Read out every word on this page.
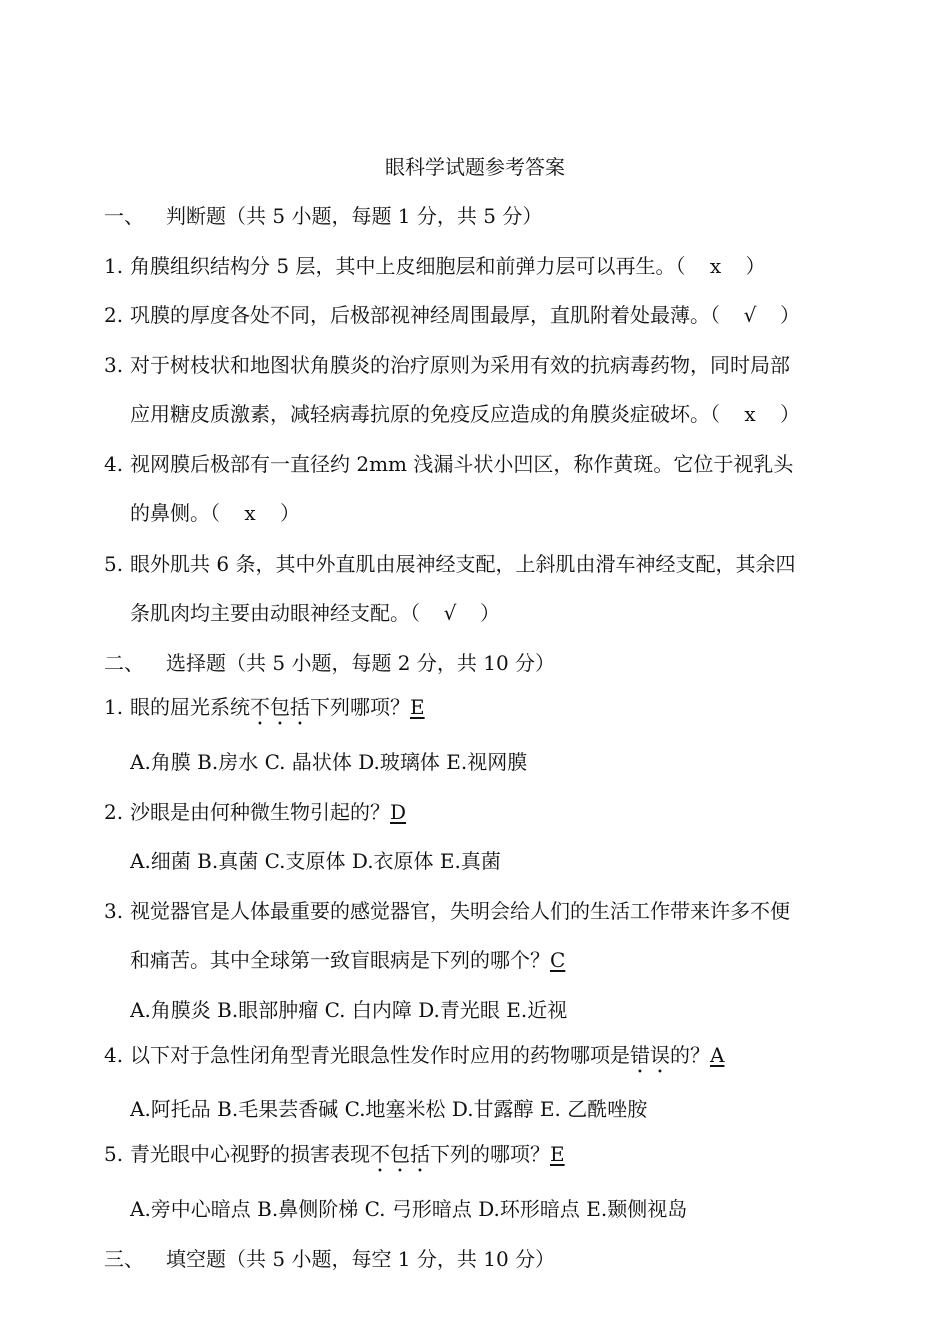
眼科学试题参考答案
一、 判断题（共 5 小题，每题 1 分，共 5 分）
1. 角膜组织结构分 5 层，其中上皮细胞层和前弹力层可以再生。（ x ）
2. 巩膜的厚度各处不同，后极部视神经周围最厚，直肌附着处最薄。（ √ ）
3. 对于树枝状和地图状角膜炎的治疗原则为采用有效的抗病毒药物，同时局部
应用糖皮质激素，减轻病毒抗原的免疫反应造成的角膜炎症破坏。（ x ）
4. 视网膜后极部有一直径约 2mm 浅漏斗状小凹区，称作黄斑。它位于视乳头
的鼻侧。（ x ）
5. 眼外肌共 6 条，其中外直肌由展神经支配，上斜肌由滑车神经支配，其余四
条肌肉均主要由动眼神经支配。（ √ ）
二、 选择题（共 5 小题，每题 2 分，共 10 分）
1. 眼的屈光系统不包括下列哪项？E
A.角膜 B.房水 C. 晶状体 D.玻璃体 E.视网膜
2. 沙眼是由何种微生物引起的？D
A.细菌 B.真菌 C.支原体 D.衣原体 E.真菌
3. 视觉器官是人体最重要的感觉器官，失明会给人们的生活工作带来许多不便
和痛苦。其中全球第一致盲眼病是下列的哪个？C
A.角膜炎 B.眼部肿瘤 C. 白内障 D.青光眼 E.近视
4. 以下对于急性闭角型青光眼急性发作时应用的药物哪项是错误的？A
A.阿托品 B.毛果芸香碱 C.地塞米松 D.甘露醇 E. 乙酰唑胺
5. 青光眼中心视野的损害表现不包括下列的哪项？E
A.旁中心暗点 B.鼻侧阶梯 C. 弓形暗点 D.环形暗点 E.颞侧视岛
三、 填空题（共 5 小题，每空 1 分，共 10 分）
